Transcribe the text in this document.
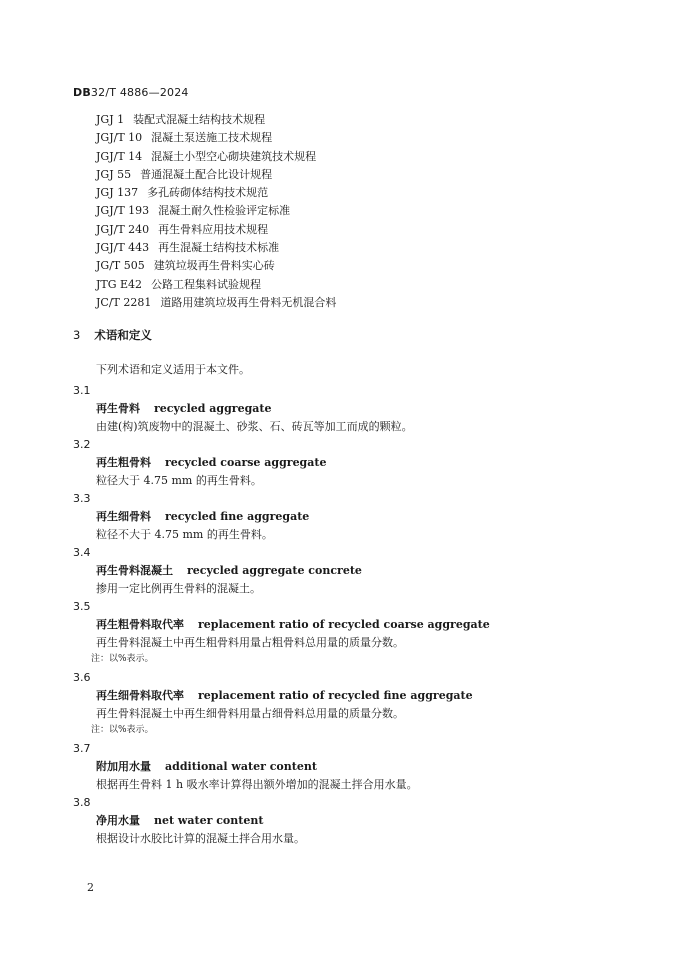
DB32/T 4886—2024
JGJ 1 装配式混凝土结构技术规程
JGJ/T 10 混凝土泵送施工技术规程
JGJ/T 14 混凝土小型空心砌块建筑技术规程
JGJ 55 普通混凝土配合比设计规程
JGJ 137 多孔砖砌体结构技术规范
JGJ/T 193 混凝土耐久性检验评定标准
JGJ/T 240 再生骨料应用技术规程
JGJ/T 443 再生混凝土结构技术标准
JG/T 505 建筑垃圾再生骨料实心砖
JTG E42 公路工程集料试验规程
JC/T 2281 道路用建筑垃圾再生骨料无机混合料
3 术语和定义
下列术语和定义适用于本文件。
3.1
再生骨料 recycled aggregate
由建(构)筑废物中的混凝土、砂浆、石、砖瓦等加工而成的颗粒。
3.2
再生粗骨料 recycled coarse aggregate
粒径大于 4.75 mm 的再生骨料。
3.3
再生细骨料 recycled fine aggregate
粒径不大于 4.75 mm 的再生骨料。
3.4
再生骨料混凝土 recycled aggregate concrete
掺用一定比例再生骨料的混凝土。
3.5
再生粗骨料取代率 replacement ratio of recycled coarse aggregate
再生骨料混凝土中再生粗骨料用量占粗骨料总用量的质量分数。
注：以%表示。
3.6
再生细骨料取代率 replacement ratio of recycled fine aggregate
再生骨料混凝土中再生细骨料用量占细骨料总用量的质量分数。
注：以%表示。
3.7
附加用水量 additional water content
根据再生骨料 1 h 吸水率计算得出额外增加的混凝土拌合用水量。
3.8
净用水量 net water content
根据设计水胶比计算的混凝土拌合用水量。
2
